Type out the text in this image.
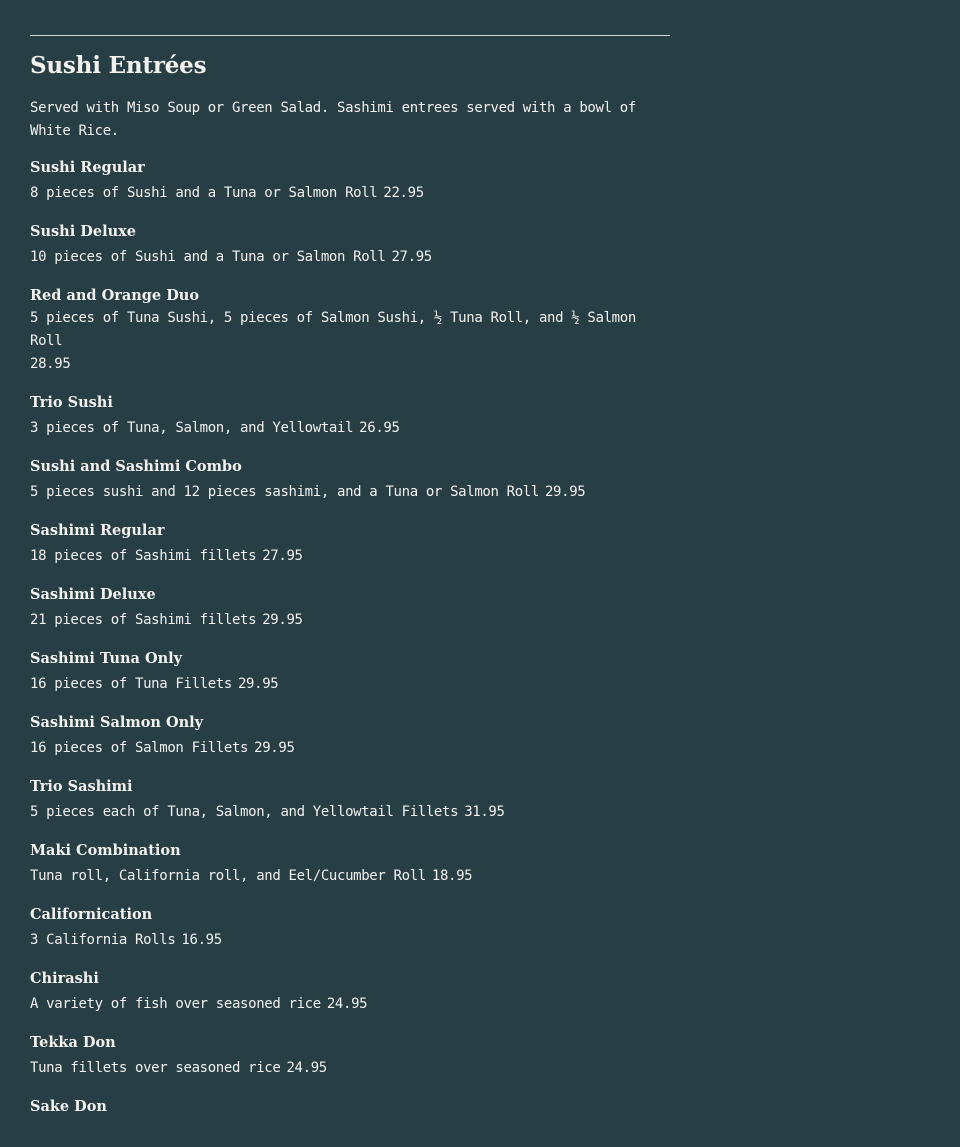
Sushi Entrées

Served with Miso Soup or Green Salad. Sashimi entrees served with a bowl of White Rice.

Sushi Regular
8 pieces of Sushi and a Tuna or Salmon Roll 22.95
Sushi Deluxe
10 pieces of Sushi and a Tuna or Salmon Roll 27.95
Red and Orange Duo
5 pieces of Tuna Sushi, 5 pieces of Salmon Sushi, ½ Tuna Roll, and ½ Salmon Roll
28.95
Trio Sushi
3 pieces of Tuna, Salmon, and Yellowtail 26.95
Sushi and Sashimi Combo
5 pieces sushi and 12 pieces sashimi, and a Tuna or Salmon Roll 29.95
Sashimi Regular
18 pieces of Sashimi fillets 27.95
Sashimi Deluxe
21 pieces of Sashimi fillets 29.95
Sashimi Tuna Only
16 pieces of Tuna Fillets 29.95
Sashimi Salmon Only
16 pieces of Salmon Fillets 29.95
Trio Sashimi
5 pieces each of Tuna, Salmon, and Yellowtail Fillets 31.95
Maki Combination
Tuna roll, California roll, and Eel/Cucumber Roll 18.95
Californication
3 California Rolls 16.95
Chirashi
A variety of fish over seasoned rice 24.95
Tekka Don
Tuna fillets over seasoned rice 24.95
Sake Don
